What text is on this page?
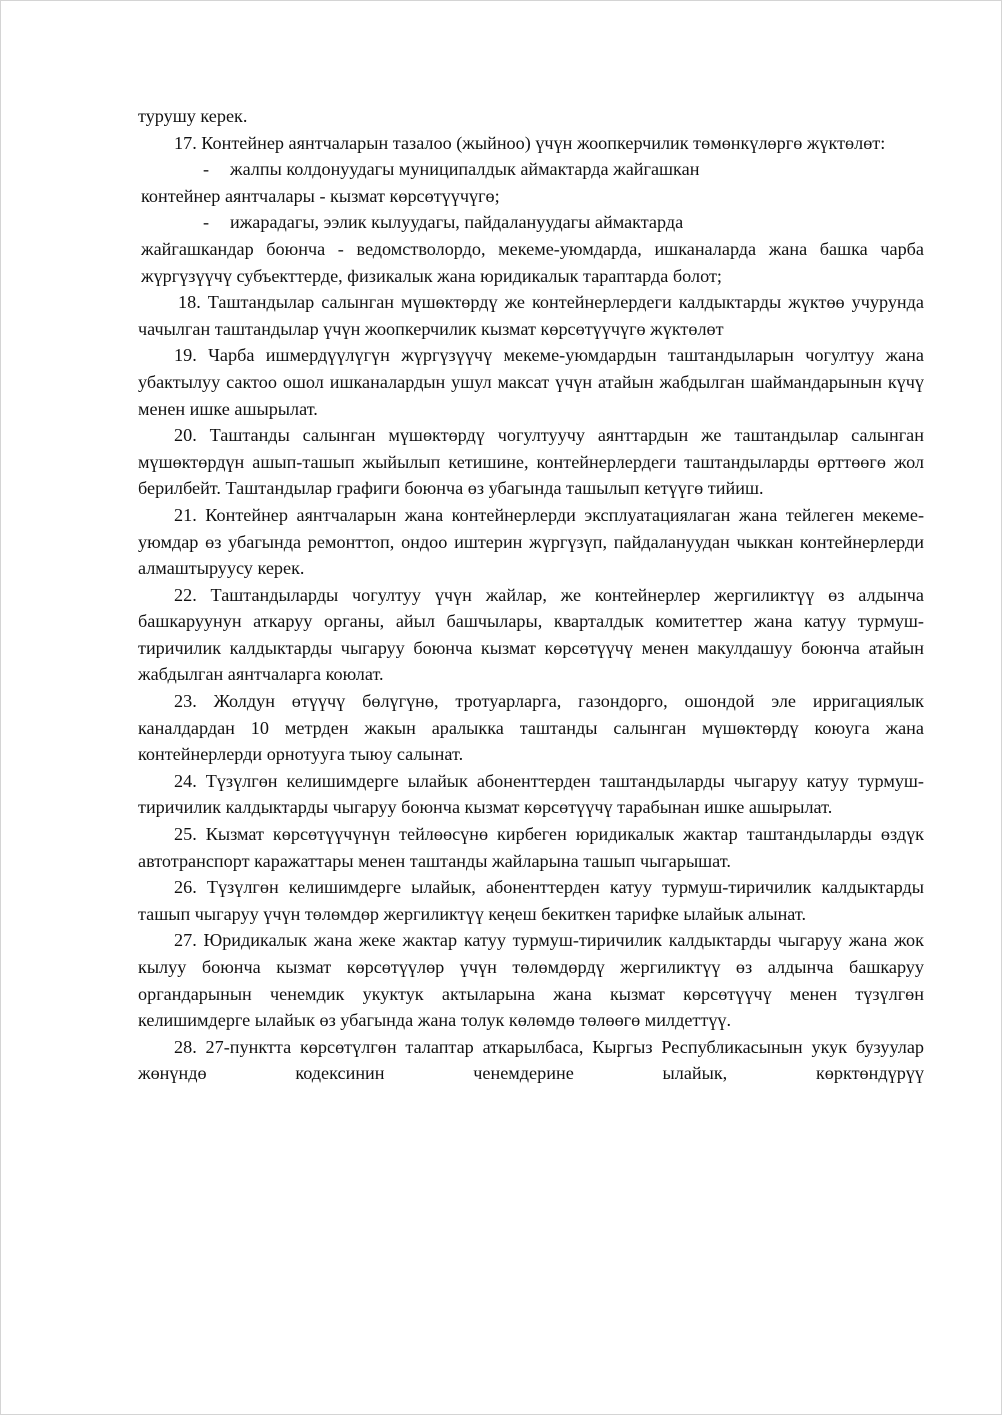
турушу керек.

17. Контейнер аянтчаларын тазалоо (жыйноо) үчүн жоопкерчилик төмөнкүлөргө жүктөлөт:

- жалпы колдонуудагы муниципалдык аймактарда жайгашкан
контейнер аянтчалары - кызмат көрсөтүүчүгө;

- ижарадагы, ээлик кылуудагы, пайдалануудагы аймактарда
жайгашкандар боюнча - ведомстволордо, мекеме-уюмдарда, ишканаларда жана башка чарба жүргүзүүчү субъекттерде, физикалык жана юридикалык тараптарда болот;

18. Таштандылар салынган мүшөктөрдү же контейнерлердеги калдыктарды жүктөө учурунда чачылган таштандылар үчүн жоопкерчилик кызмат көрсөтүүчүгө жүктөлөт

19. Чарба ишмердүүлүгүн жүргүзүүчү мекеме-уюмдардын таштандыларын чогултуу жана убактылуу сактоо ошол ишканалардын ушул максат үчүн атайын жабдылган шаймандарынын күчү менен ишке ашырылат.

20. Таштанды салынган мүшөктөрдү чогултуучу аянттардын же таштандылар салынган мүшөктөрдүн ашып-ташып жыйылып кетишине, контейнерлердеги таштандыларды өрттөөгө жол берилбейт. Таштандылар графиги боюнча өз убагында ташылып кетүүгө тийиш.

21. Контейнер аянтчаларын жана контейнерлерди эксплуатациялаган жана тейлеген мекеме-уюмдар өз убагында ремонттоп, ондоо иштерин жүргүзүп, пайдалануудан чыккан контейнерлерди алмаштыруусу керек.

22. Таштандыларды чогултуу үчүн жайлар, же контейнерлер жергиликтүү өз алдынча башкаруунун аткаруу органы, айыл башчылары, кварталдык комитеттер жана катуу турмуш-тиричилик калдыктарды чыгаруу боюнча кызмат көрсөтүүчү менен макулдашуу боюнча атайын жабдылган аянтчаларга коюлат.

23. Жолдун өтүүчү бөлүгүнө, тротуарларга, газондорго, ошондой эле ирригациялык каналдардан 10 метрден жакын аралыкка таштанды салынган мүшөктөрдү коюуга жана контейнерлерди орнотууга тыюу салынат.

24. Түзүлгөн келишимдерге ылайык абоненттерден таштандыларды чыгаруу катуу турмуш-тиричилик калдыктарды чыгаруу боюнча кызмат көрсөтүүчү тарабынан ишке ашырылат.

25. Кызмат көрсөтүүчүнүн тейлөөсүнө кирбеген юридикалык жактар таштандыларды өздүк автотранспорт каражаттары менен таштанды жайларына ташып чыгарышат.

26. Түзүлгөн келишимдерге ылайык, абоненттерден катуу турмуш-тиричилик калдыктарды ташып чыгаруу үчүн төлөмдөр жергиликтүү кеңеш бекиткен тарифке ылайык алынат.

27. Юридикалык жана жеке жактар катуу турмуш-тиричилик калдыктарды чыгаруу жана жок кылуу боюнча кызмат көрсөтүүлөр үчүн төлөмдөрдү жергиликтүү өз алдынча башкаруу органдарынын ченемдик укуктук актыларына жана кызмат көрсөтүүчү менен түзүлгөн келишимдерге ылайык өз убагында жана толук көлөмдө төлөөгө милдеттүү.

28. 27-пунктта көрсөтүлгөн талаптар аткарылбаса, Кыргыз Республикасынын укук бузуулар жөнүндө кодексинин ченемдерине ылайык, көрктөндүрүү
